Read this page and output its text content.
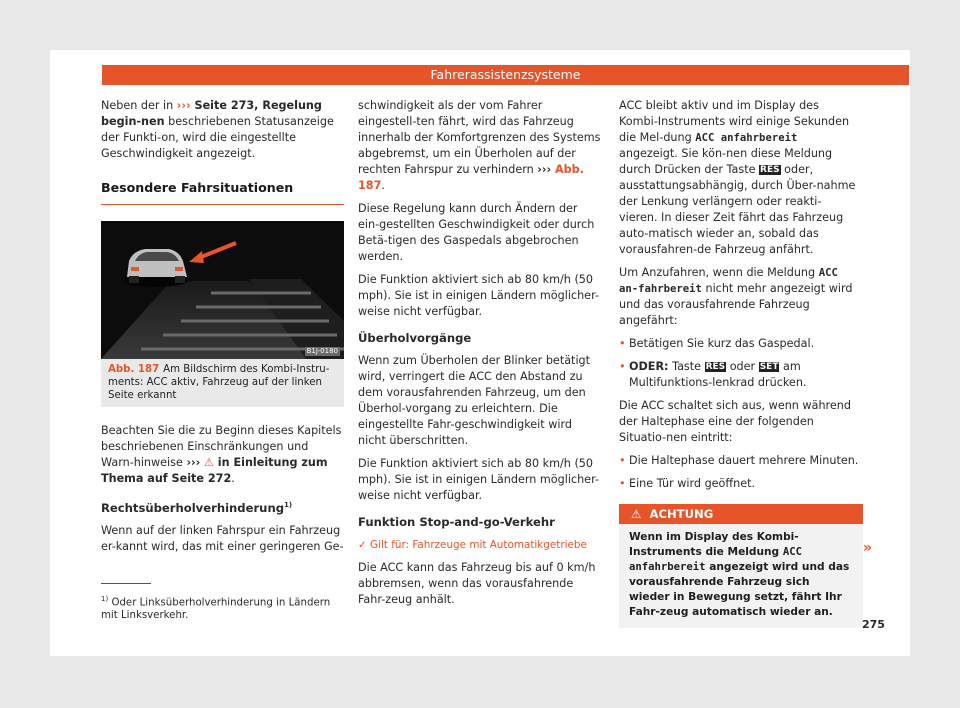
Fahrerassistenzsysteme

Neben der in ››› Seite 273, Regelung begin-nen beschriebenen Statusanzeige der Funkti-on, wird die eingestellte Geschwindigkeit angezeigt.

Besondere Fahrsituationen
B1J-0180
Abb. 187 Am Bildschirm des Kombi-Instru-ments: ACC aktiv, Fahrzeug auf der linken Seite erkannt

Beachten Sie die zu Beginn dieses Kapitels beschriebenen Einschränkungen und Warn-hinweise ››› ⚠ in Einleitung zum Thema auf Seite 272.

Rechtsüberholverhinderung$^{1)}$

Wenn auf der linken Fahrspur ein Fahrzeug er-kannt wird, das mit einer geringeren Ge-

schwindigkeit als der vom Fahrer eingestell-ten fährt, wird das Fahrzeug innerhalb der Komfortgrenzen des Systems abgebremst, um ein Überholen auf der rechten Fahrspur zu verhindern ››› Abb. 187.

Diese Regelung kann durch Ändern der ein-gestellten Geschwindigkeit oder durch Betä-tigen des Gaspedals abgebrochen werden.

Die Funktion aktiviert sich ab 80 km/h (50 mph). Sie ist in einigen Ländern möglicher-weise nicht verfügbar.

Überholvorgänge

Wenn zum Überholen der Blinker betätigt wird, verringert die ACC den Abstand zu dem vorausfahrenden Fahrzeug, um den Überhol-vorgang zu erleichtern. Die eingestellte Fahr-geschwindigkeit wird nicht überschritten.

Die Funktion aktiviert sich ab 80 km/h (50 mph). Sie ist in einigen Ländern möglicher-weise nicht verfügbar.

Funktion Stop-and-go-Verkehr

✓ Gilt für: Fahrzeuge mit Automatikgetriebe

Die ACC kann das Fahrzeug bis auf 0 km/h abbremsen, wenn das vorausfahrende Fahr-zeug anhält.

ACC bleibt aktiv und im Display des Kombi-Instruments wird einige Sekunden die Mel-dung ACC anfahrbereit angezeigt. Sie kön-nen diese Meldung durch Drücken der Taste RES oder, ausstattungsabhängig, durch Über-nahme der Lenkung verlängern oder reakti-vieren. In dieser Zeit fährt das Fahrzeug auto-matisch wieder an, sobald das vorausfahren-de Fahrzeug anfährt.

Um Anzufahren, wenn die Meldung ACC an-fahrbereit nicht mehr angezeigt wird und das vorausfahrende Fahrzeug angefährt:

• Betätigen Sie kurz das Gaspedal.

• ODER: Taste RES oder SET am Multifunktions-lenkrad drücken.

Die ACC schaltet sich aus, wenn während der Haltephase eine der folgenden Situatio-nen eintritt:

• Die Haltephase dauert mehrere Minuten.

• Eine Tür wird geöffnet.

⚠ ACHTUNG
Wenn im Display des Kombi-Instruments die Meldung ACC anfahrbereit angezeigt wird und das vorausfahrende Fahrzeug sich wieder in Bewegung setzt, fährt Ihr Fahr-zeug automatisch wieder an.
»
$^{1)}$ Oder Linksüberholverhinderung in Ländern mit Linksverkehr.
275
